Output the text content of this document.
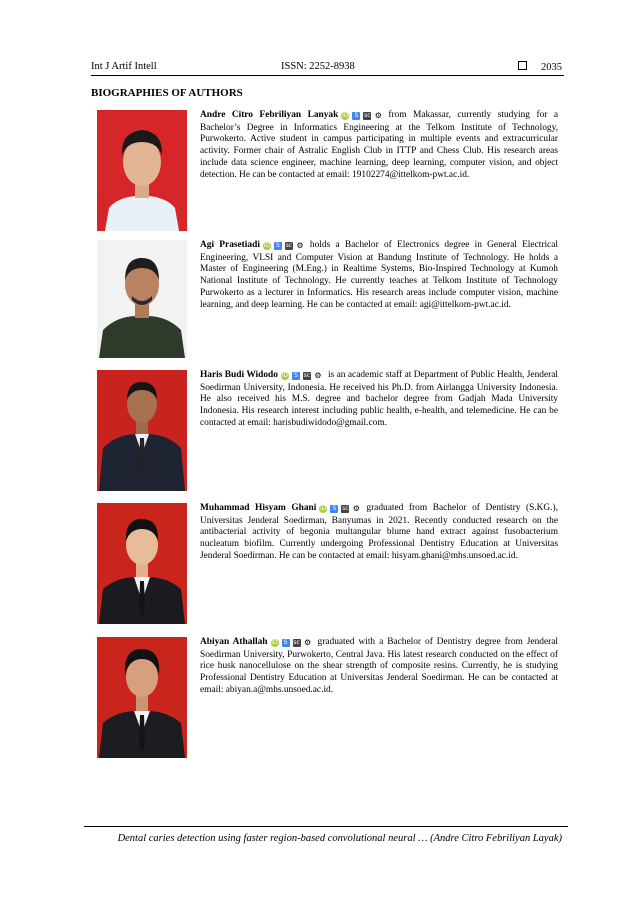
Int J Artif Intell	ISSN: 2252-8938	2035
BIOGRAPHIES OF AUTHORS
Andre Citro Febriliyan Lanyak iD S sc ⚙ from Makassar, currently studying for a Bachelor’s Degree in Informatics Engineering at the Telkom Institute of Technology, Purwokerto. Active student in campus participating in multiple events and extracurricular activity. Former chair of Astralic English Club in ITTP and Chess Club. His research areas include data science engineer, machine learning, deep learning, computer vision, and object detection. He can be contacted at email: 19102274@ittelkom-pwt.ac.id.
Agi Prasetiadi iD S sc ⚙ holds a Bachelor of Electronics degree in General Electrical Engineering, VLSI and Computer Vision at Bandung Institute of Technology. He holds a Master of Engineering (M.Eng.) in Realtime Systems, Bio-Inspired Technology at Kumoh National Institute of Technology. He currently teaches at Telkom Institute of Technology Purwokerto as a lecturer in Informatics. His research areas include computer vision, machine learning, and deep learning. He can be contacted at email: agi@ittelkom-pwt.ac.id.
Haris Budi Widodo iD S sc ⚙ is an academic staff at Department of Public Health, Jenderal Soedirman University, Indonesia. He received his Ph.D. from Airlangga University Indonesia. He also received his M.S. degree and bachelor degree from Gadjah Mada University Indonesia. His research interest including public health, e-health, and telemedicine. He can be contacted at email: harisbudiwidodo@gmail.com.
Muhammad Hisyam Ghani iD S sc ⚙ graduated from Bachelor of Dentistry (S.KG.), Universitas Jenderal Soedirman, Banyumas in 2021. Recently conducted research on the antibacterial activity of begonia multangular blume hand extract against fusobacterium nucleatum biofilm. Currently undergoing Professional Dentistry Education at Universitas Jenderal Soedirman. He can be contacted at email: hisyam.ghani@mhs.unsoed.ac.id.
Abiyan Athallah iD S sc ⚙ graduated with a Bachelor of Dentistry degree from Jenderal Soedirman University, Purwokerto, Central Java. His latest research conducted on the effect of rice husk nanocellulose on the shear strength of composite resins. Currently, he is studying Professional Dentistry Education at Universitas Jenderal Soedirman. He can be contacted at email: abiyan.a@mhs.unsoed.ac.id.
Dental caries detection using faster region-based convolutional neural … (Andre Citro Febriliyan Layak)
